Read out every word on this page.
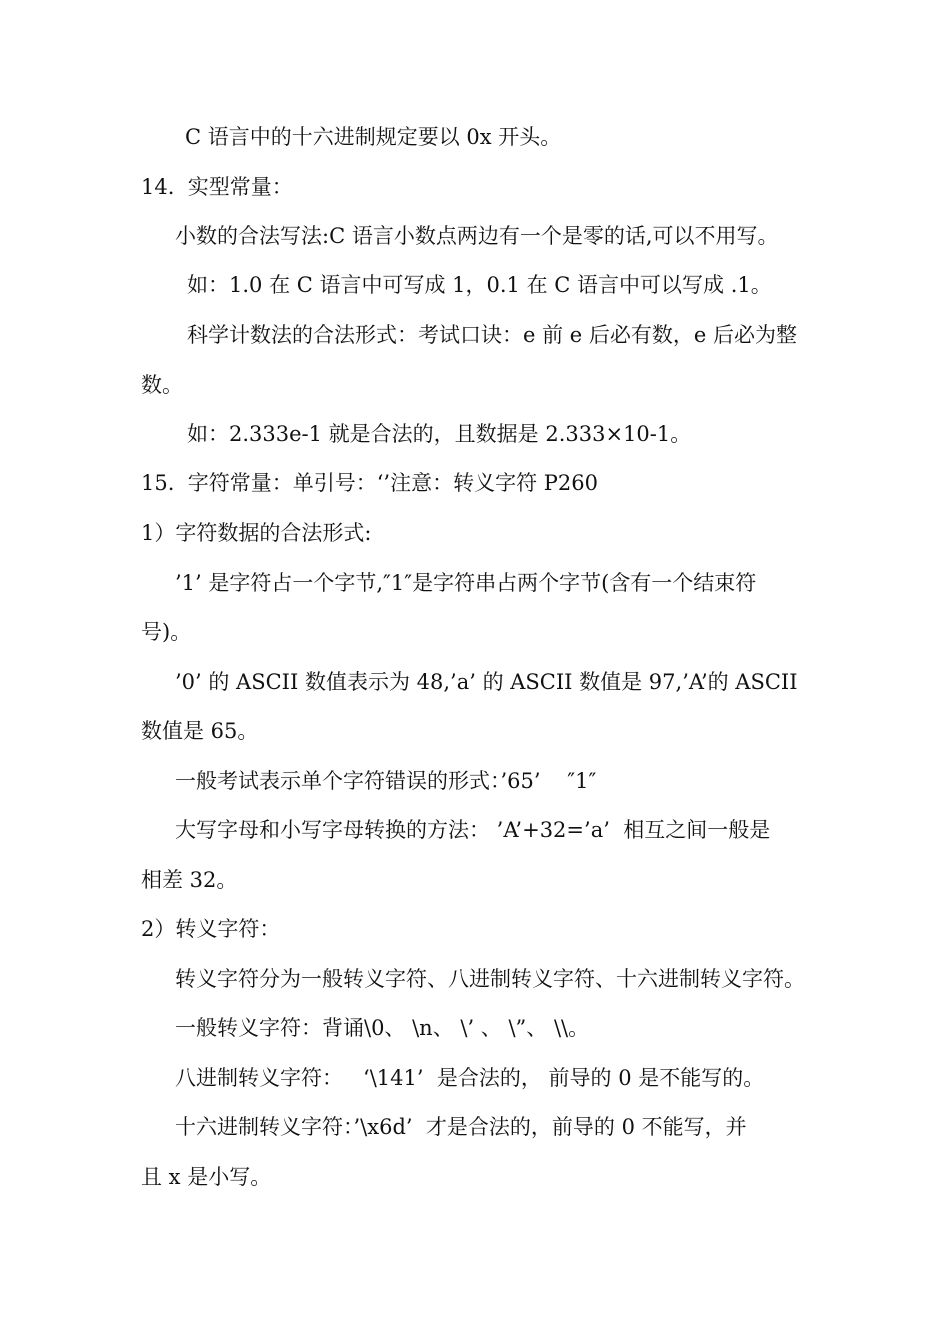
C 语言中的十六进制规定要以 0x 开头。
14.  实型常量：
小数的合法写法:C 语言小数点两边有一个是零的话,可以不用写。
如：1.0 在 C 语言中可写成 1，0.1 在 C 语言中可以写成 .1。
科学计数法的合法形式：考试口诀：e 前 e 后必有数，e 后必为整
数。
如：2.333e-1 就是合法的，且数据是 2.333×10-1。
15.  字符常量：单引号：‘’注意：转义字符 P260
1）字符数据的合法形式:
’1’ 是字符占一个字节,″1″是字符串占两个字节(含有一个结束符
号)。
’0’ 的 ASCII 数值表示为 48,’a’ 的 ASCII 数值是 97,’A’的 ASCII
数值是 65。
一般考试表示单个字符错误的形式：’65’    ″1″
大写字母和小写字母转换的方法： ’A’+32=’a’  相互之间一般是
相差 32。
2）转义字符：
转义字符分为一般转义字符、八进制转义字符、十六进制转义字符。
一般转义字符：背诵\0、 \n、 \’ 、 \”、 \\。
八进制转义字符：   ‘\141’  是合法的， 前导的 0 是不能写的。
十六进制转义字符：’\x6d’  才是合法的，前导的 0 不能写，并
且 x 是小写。
